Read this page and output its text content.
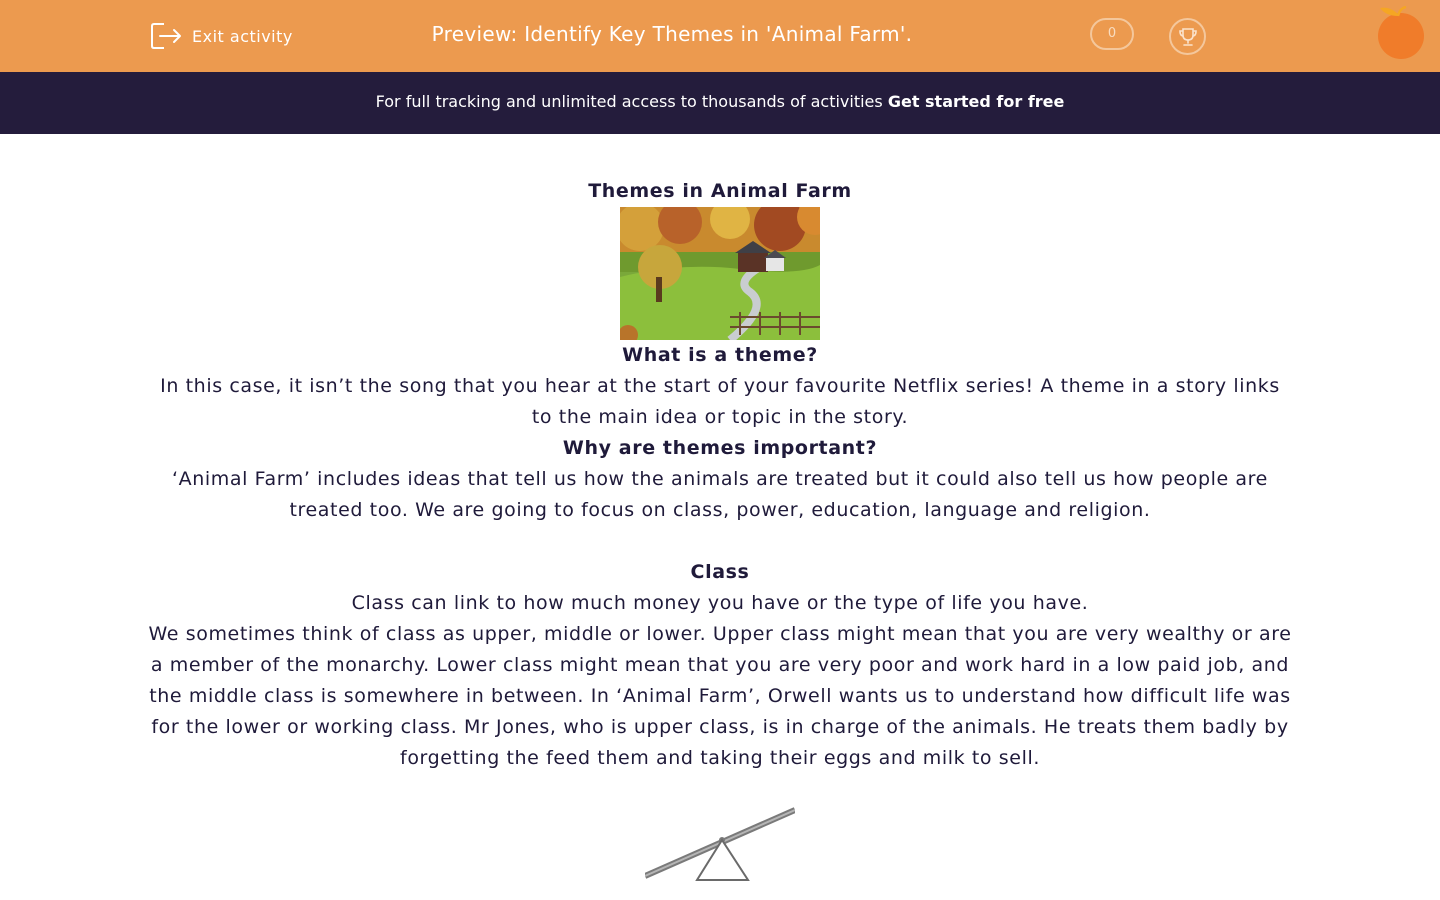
Exit activity	Preview: Identify Key Themes in 'Animal Farm'.	0
For full tracking and unlimited access to thousands of activities Get started for free

Themes in Animal Farm

What is a theme?

In this case, it isn’t the song that you hear at the start of your favourite Netflix series! A theme in a story links to the main idea or topic in the story.

Why are themes important?

‘Animal Farm’ includes ideas that tell us how the animals are treated but it could also tell us how people are treated too. We are going to focus on class, power, education, language and religion.

Class

Class can link to how much money you have or the type of life you have.

We sometimes think of class as upper, middle or lower. Upper class might mean that you are very wealthy or are a member of the monarchy. Lower class might mean that you are very poor and work hard in a low paid job, and the middle class is somewhere in between. In ‘Animal Farm’, Orwell wants us to understand how difficult life was for the lower or working class. Mr Jones, who is upper class, is in charge of the animals. He treats them badly by forgetting the feed them and taking their eggs and milk to sell.
